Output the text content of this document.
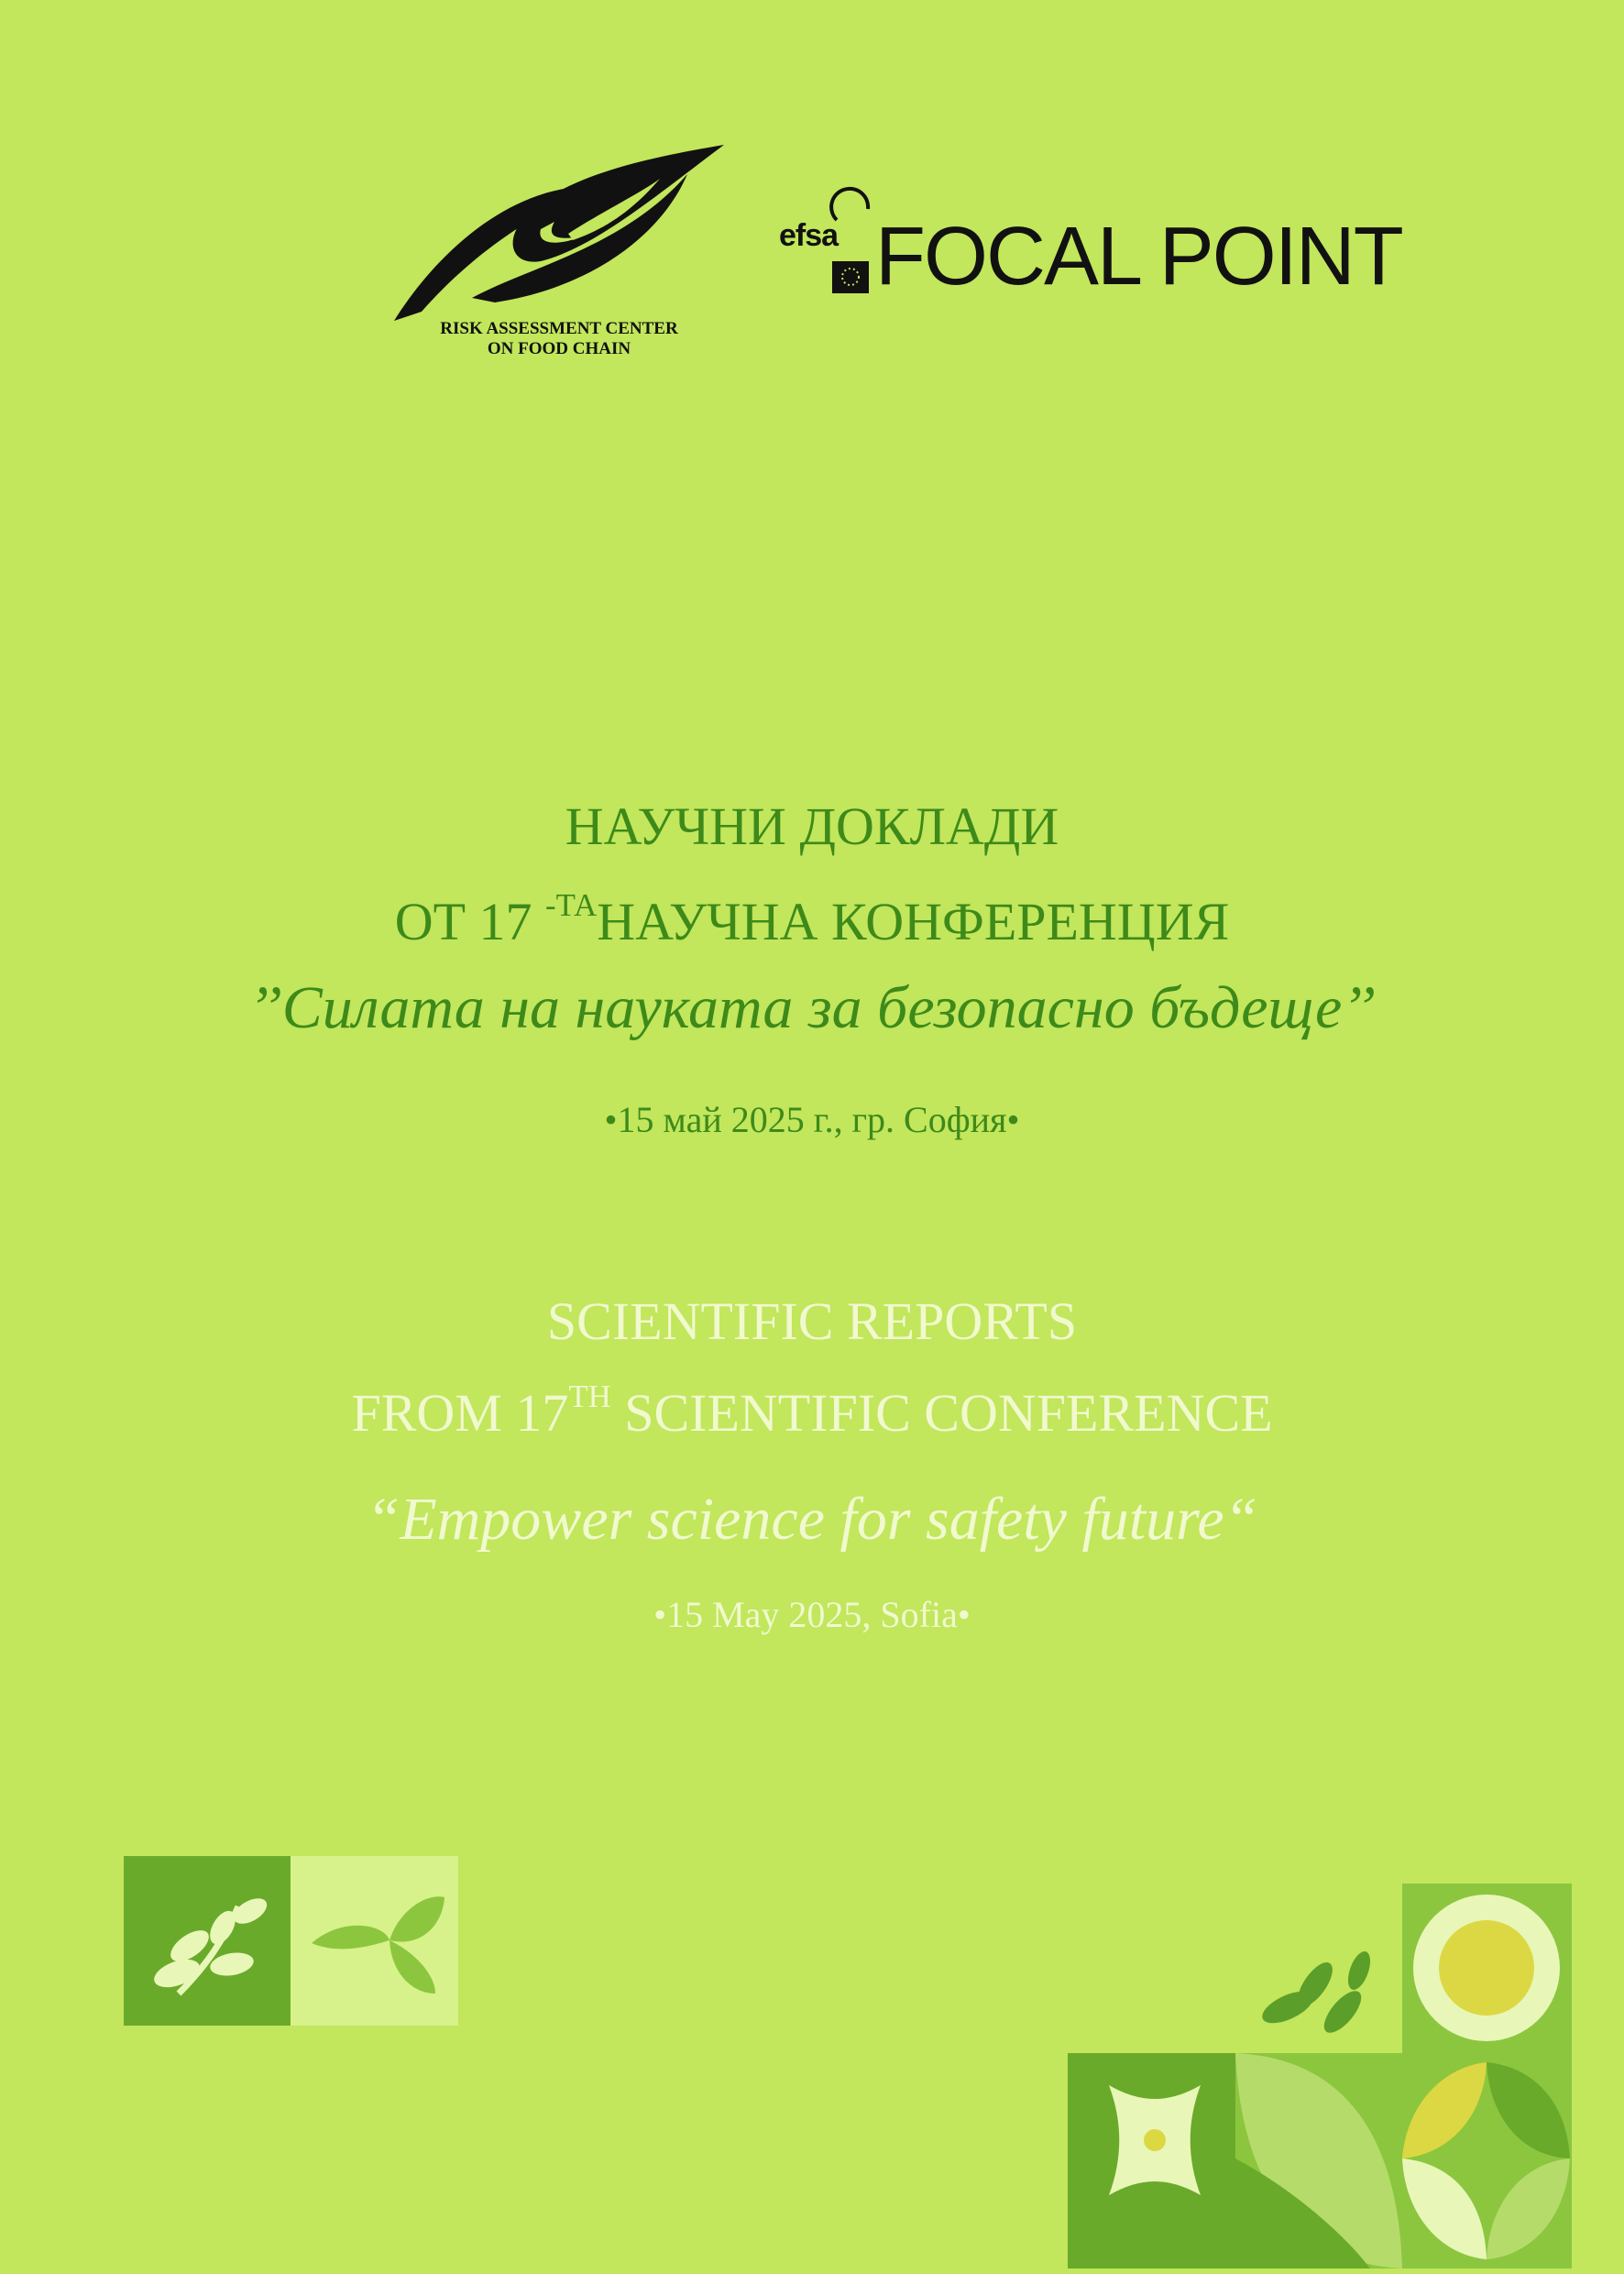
RISK ASSESSMENT CENTER
ON FOOD CHAIN
efsa FOCAL POINT
НАУЧНИ ДОКЛАДИ
ОТ 17 $^{-ТА}$НАУЧНА КОНФЕРЕНЦИЯ
’’Силата на науката за безопасно бъдеще’’
•15 май 2025 г., гр. София•
SCIENTIFIC REPORTS
FROM 17TH SCIENTIFIC CONFERENCE
“Empower science for safety future“
•15 May 2025, Sofia•
